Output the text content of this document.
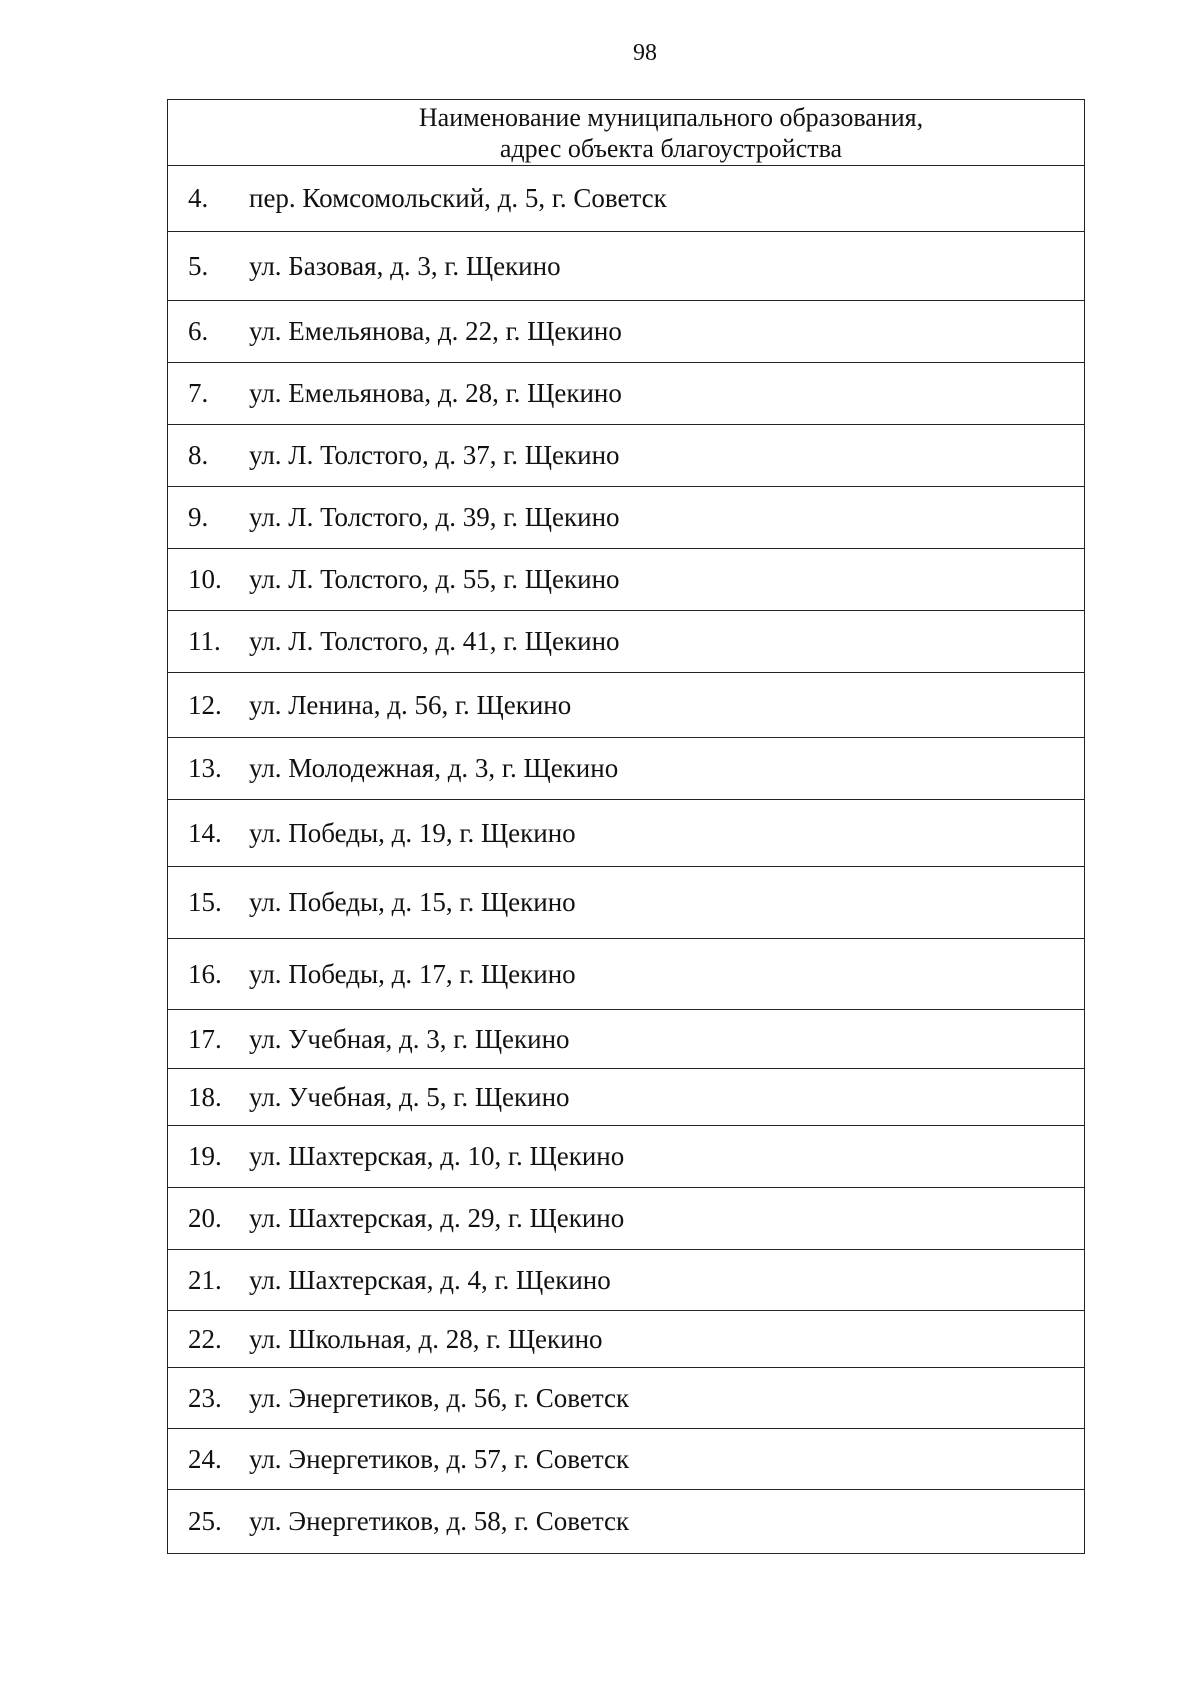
98
Наименование муниципального образования,
адрес объекта благоустройства
4.	пер. Комсомольский, д. 5, г. Советск
5.	ул. Базовая, д. 3, г. Щекино
6.	ул. Емельянова, д. 22, г. Щекино
7.	ул. Емельянова, д. 28, г. Щекино
8.	ул. Л. Толстого, д. 37, г. Щекино
9.	ул. Л. Толстого, д. 39, г. Щекино
10.	ул. Л. Толстого, д. 55, г. Щекино
11.	ул. Л. Толстого, д. 41, г. Щекино
12.	ул. Ленина, д. 56, г. Щекино
13.	ул. Молодежная, д. 3, г. Щекино
14.	ул. Победы, д. 19, г. Щекино
15.	ул. Победы, д. 15, г. Щекино
16.	ул. Победы, д. 17, г. Щекино
17.	ул. Учебная, д. 3, г. Щекино
18.	ул. Учебная, д. 5, г. Щекино
19.	ул. Шахтерская, д. 10, г. Щекино
20.	ул. Шахтерская, д. 29, г. Щекино
21.	ул. Шахтерская, д. 4, г. Щекино
22.	ул. Школьная, д. 28, г. Щекино
23.	ул. Энергетиков, д. 56, г. Советск
24.	ул. Энергетиков, д. 57, г. Советск
25.	ул. Энергетиков, д. 58, г. Советск
